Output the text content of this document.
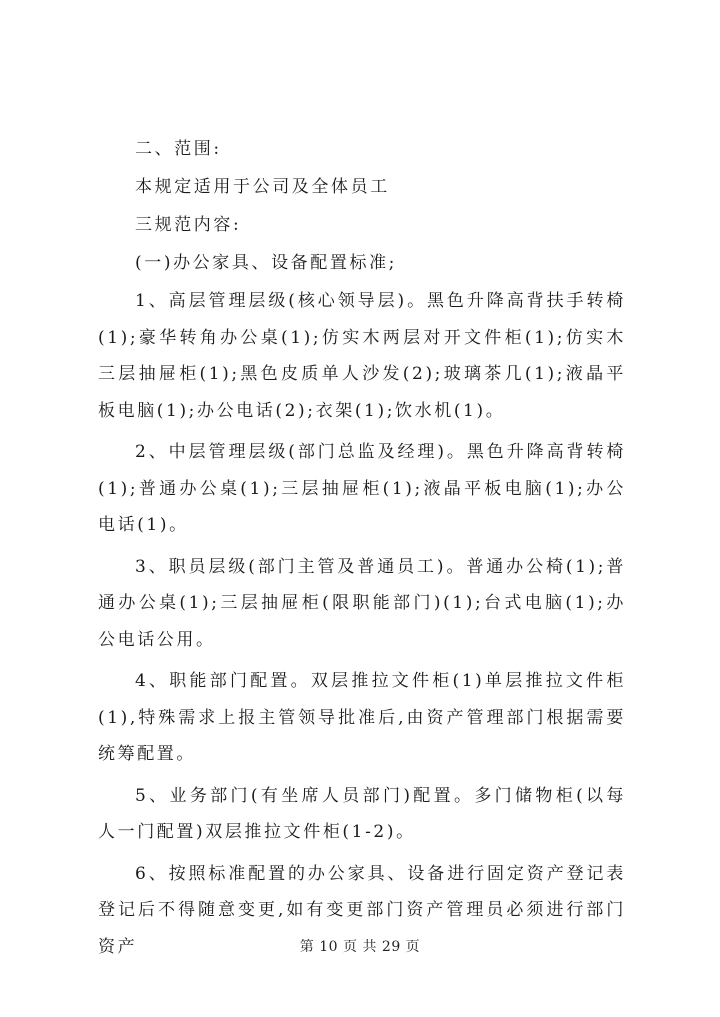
二、范围:

本规定适用于公司及全体员工

三规范内容:

(一)办公家具、设备配置标准;

1、高层管理层级(核心领导层)。黑色升降高背扶手转椅(1);豪华转角办公桌(1);仿实木两层对开文件柜(1);仿实木三层抽屉柜(1);黑色皮质单人沙发(2);玻璃茶几(1);液晶平板电脑(1);办公电话(2);衣架(1);饮水机(1)。

2、中层管理层级(部门总监及经理)。黑色升降高背转椅(1);普通办公桌(1);三层抽屉柜(1);液晶平板电脑(1);办公电话(1)。

3、职员层级(部门主管及普通员工)。普通办公椅(1);普通办公桌(1);三层抽屉柜(限职能部门)(1);台式电脑(1);办公电话公用。

4、职能部门配置。双层推拉文件柜(1)单层推拉文件柜(1),特殊需求上报主管领导批准后,由资产管理部门根据需要统筹配置。

5、业务部门(有坐席人员部门)配置。多门储物柜(以每人一门配置)双层推拉文件柜(1-2)。

6、按照标准配置的办公家具、设备进行固定资产登记表登记后不得随意变更,如有变更部门资产管理员必须进行部门资产	第 10 页 共 29 页
